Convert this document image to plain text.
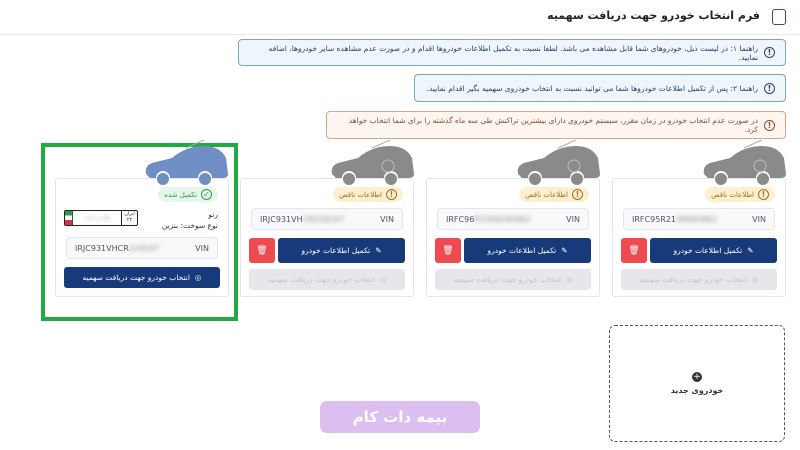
فرم انتخاب خودرو جهت دریافت سهمیه
!
راهنما ۱: در لیست ذیل، خودروهای شما قابل مشاهده می باشد. لطفا نسبت به تکمیل اطلاعات خودروها اقدام و در صورت عدم مشاهده سایر خودروها، اضافه نمایید.
!
راهنما ۲: پس از تکمیل اطلاعات خودروها شما می توانید نسبت به انتخاب خودروی سهمیه بگیر اقدام نمایید.
!
در صورت عدم انتخاب خودرو در زمان مقرر، سیستم خودروی دارای بیشترین تراکنش طی سه ماه گذشته را برای شما انتخاب خواهد کرد.
✓
تکمیل شده
رنو
نوع سوخت: بنزین
۳۷ ب ۱۱۲
ایران ۲۲
IRJC931VHCR226167	VIN
◎
انتخاب خودرو جهت دریافت سهمیه
!
اطلاعات ناقص
IRJC931VHCR226167	VIN
🗑	✎
تکمیل اطلاعات خودرو
◎
انتخاب خودرو جهت دریافت سهمیه
!
اطلاعات ناقص
IRFC96R2394245962	VIN
🗑	✎
تکمیل اطلاعات خودرو
◎
انتخاب خودرو جهت دریافت سهمیه
!
اطلاعات ناقص
IRFC95R215R865862	VIN
🗑	✎
تکمیل اطلاعات خودرو
◎
انتخاب خودرو جهت دریافت سهمیه
+
خودروی جدید
بیمه دات کام
